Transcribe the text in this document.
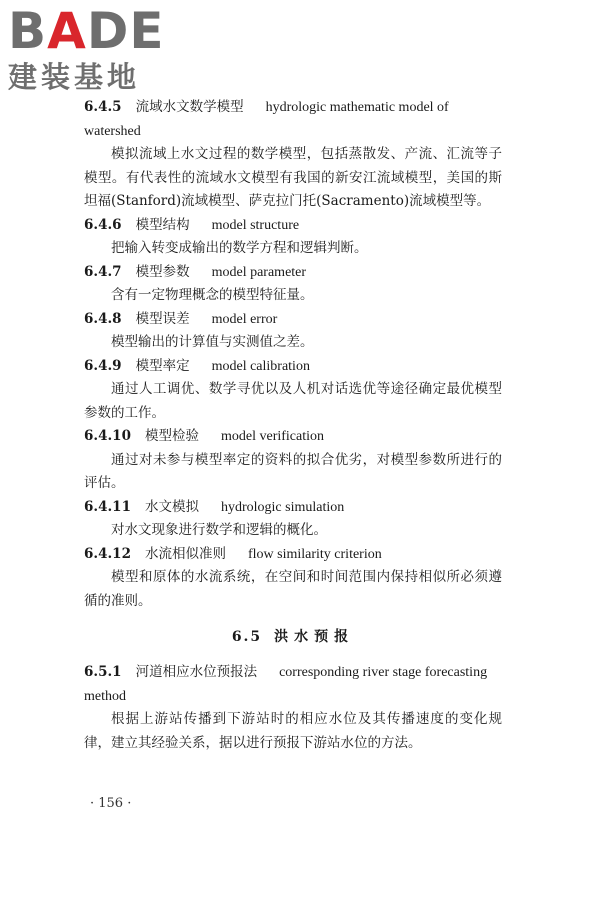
BADE
建装基地
6.4.5 流域水文数学模型 hydrologic mathematic model of watershed
模拟流域上水文过程的数学模型，包括蒸散发、产流、汇流等子模型。有代表性的流域水文模型有我国的新安江流域模型，美国的斯坦福(Stanford)流域模型、萨克拉门托(Sacramento)流域模型等。
6.4.6 模型结构 model structure
把输入转变成输出的数学方程和逻辑判断。
6.4.7 模型参数 model parameter
含有一定物理概念的模型特征量。
6.4.8 模型误差 model error
模型输出的计算值与实测值之差。
6.4.9 模型率定 model calibration
通过人工调优、数学寻优以及人机对话选优等途径确定最优模型参数的工作。
6.4.10 模型检验 model verification
通过对未参与模型率定的资料的拟合优劣，对模型参数所进行的评估。
6.4.11 水文模拟 hydrologic simulation
对水文现象进行数学和逻辑的概化。
6.4.12 水流相似准则 flow similarity criterion
模型和原体的水流系统，在空间和时间范围内保持相似所必须遵循的准则。
6.5 洪水预报
6.5.1 河道相应水位预报法 corresponding river stage forecasting method
根据上游站传播到下游站时的相应水位及其传播速度的变化规律，建立其经验关系，据以进行预报下游站水位的方法。
· 156 ·
